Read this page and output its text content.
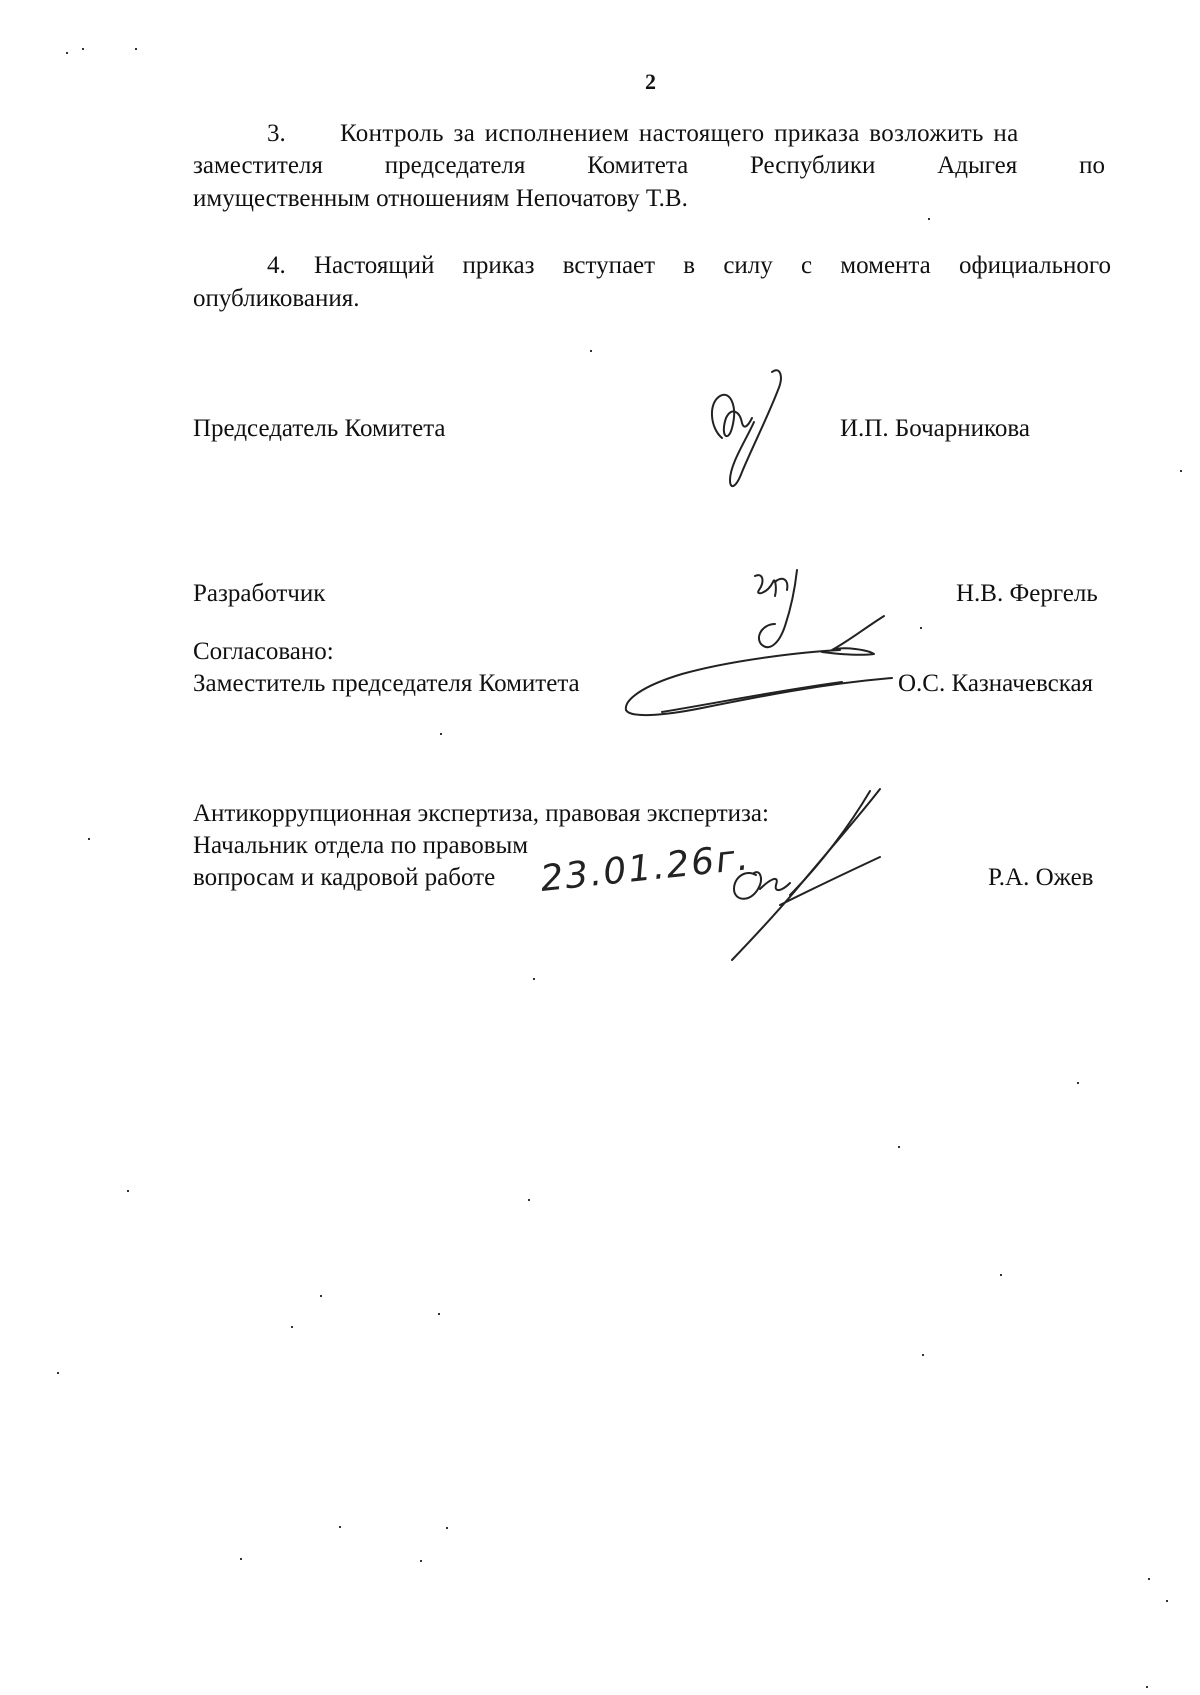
2
3. Контроль за исполнением настоящего приказа возложить на
заместителя председателя Комитета Республики Адыгея по
имущественным отношениям Непочатову Т.В.
4. Настоящий приказ вступает в силу с момента официального
опубликования.
Председатель Комитета	И.П. Бочарникова
Разработчик	Н.В. Фергель
Согласовано:
Заместитель председателя Комитета	О.С. Казначевская
Антикоррупционная экспертиза, правовая экспертиза:
Начальник отдела по правовым
вопросам и кадровой работе 23.01.26г.	Р.А. Ожев
